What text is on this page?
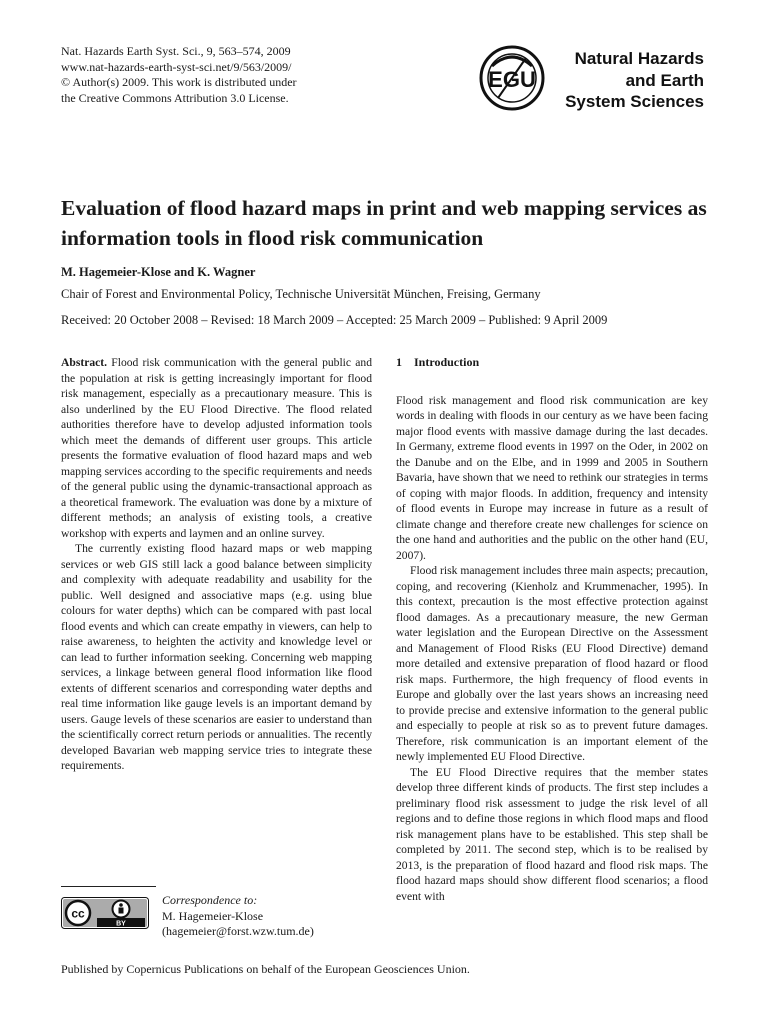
Nat. Hazards Earth Syst. Sci., 9, 563–574, 2009
www.nat-hazards-earth-syst-sci.net/9/563/2009/
© Author(s) 2009. This work is distributed under
the Creative Commons Attribution 3.0 License.
EGU
Natural Hazards
and Earth
System Sciences
Evaluation of flood hazard maps in print and web mapping services as information tools in flood risk communication
M. Hagemeier-Klose and K. Wagner
Chair of Forest and Environmental Policy, Technische Universität München, Freising, Germany
Received: 20 October 2008 – Revised: 18 March 2009 – Accepted: 25 March 2009 – Published: 9 April 2009

Abstract. Flood risk communication with the general public and the population at risk is getting increasingly important for flood risk management, especially as a precautionary measure. This is also underlined by the EU Flood Directive. The flood related authorities therefore have to develop adjusted information tools which meet the demands of different user groups. This article presents the formative evaluation of flood hazard maps and web mapping services according to the specific requirements and needs of the general public using the dynamic-transactional approach as a theoretical framework. The evaluation was done by a mixture of different methods; an analysis of existing tools, a creative workshop with experts and laymen and an online survey.

The currently existing flood hazard maps or web mapping services or web GIS still lack a good balance between simplicity and complexity with adequate readability and usability for the public. Well designed and associative maps (e.g. using blue colours for water depths) which can be compared with past local flood events and which can create empathy in viewers, can help to raise awareness, to heighten the activity and knowledge level or can lead to further information seeking. Concerning web mapping services, a linkage between general flood information like flood extents of different scenarios and corresponding water depths and real time information like gauge levels is an important demand by users. Gauge levels of these scenarios are easier to understand than the scientifically correct return periods or annualities. The recently developed Bavarian web mapping service tries to integrate these requirements.

1 Introduction

Flood risk management and flood risk communication are key words in dealing with floods in our century as we have been facing major flood events with massive damage during the last decades. In Germany, extreme flood events in 1997 on the Oder, in 2002 on the Danube and on the Elbe, and in 1999 and 2005 in Southern Bavaria, have shown that we need to rethink our strategies in terms of coping with major floods. In addition, frequency and intensity of flood events in Europe may increase in future as a result of climate change and therefore create new challenges for science on the one hand and authorities and the public on the other hand (EU, 2007).

Flood risk management includes three main aspects; precaution, coping, and recovering (Kienholz and Krummenacher, 1995). In this context, precaution is the most effective protection against flood damages. As a precautionary measure, the new German water legislation and the European Directive on the Assessment and Management of Flood Risks (EU Flood Directive) demand more detailed and extensive preparation of flood hazard or flood risk maps. Furthermore, the high frequency of flood events in Europe and globally over the last years shows an increasing need to provide precise and extensive information to the general public and especially to people at risk so as to prevent future damages. Therefore, risk communication is an important element of the newly implemented EU Flood Directive.

The EU Flood Directive requires that the member states develop three different kinds of products. The first step includes a preliminary flood risk assessment to judge the risk level of all regions and to define those regions in which flood maps and flood risk management plans have to be established. This step shall be completed by 2011. The second step, which is to be realised by 2013, is the preparation of flood hazard and flood risk maps. The flood hazard maps should show different flood scenarios; a flood event with

cc
BY
Correspondence to:
M. Hagemeier-Klose
(hagemeier@forst.wzw.tum.de)
Published by Copernicus Publications on behalf of the European Geosciences Union.
